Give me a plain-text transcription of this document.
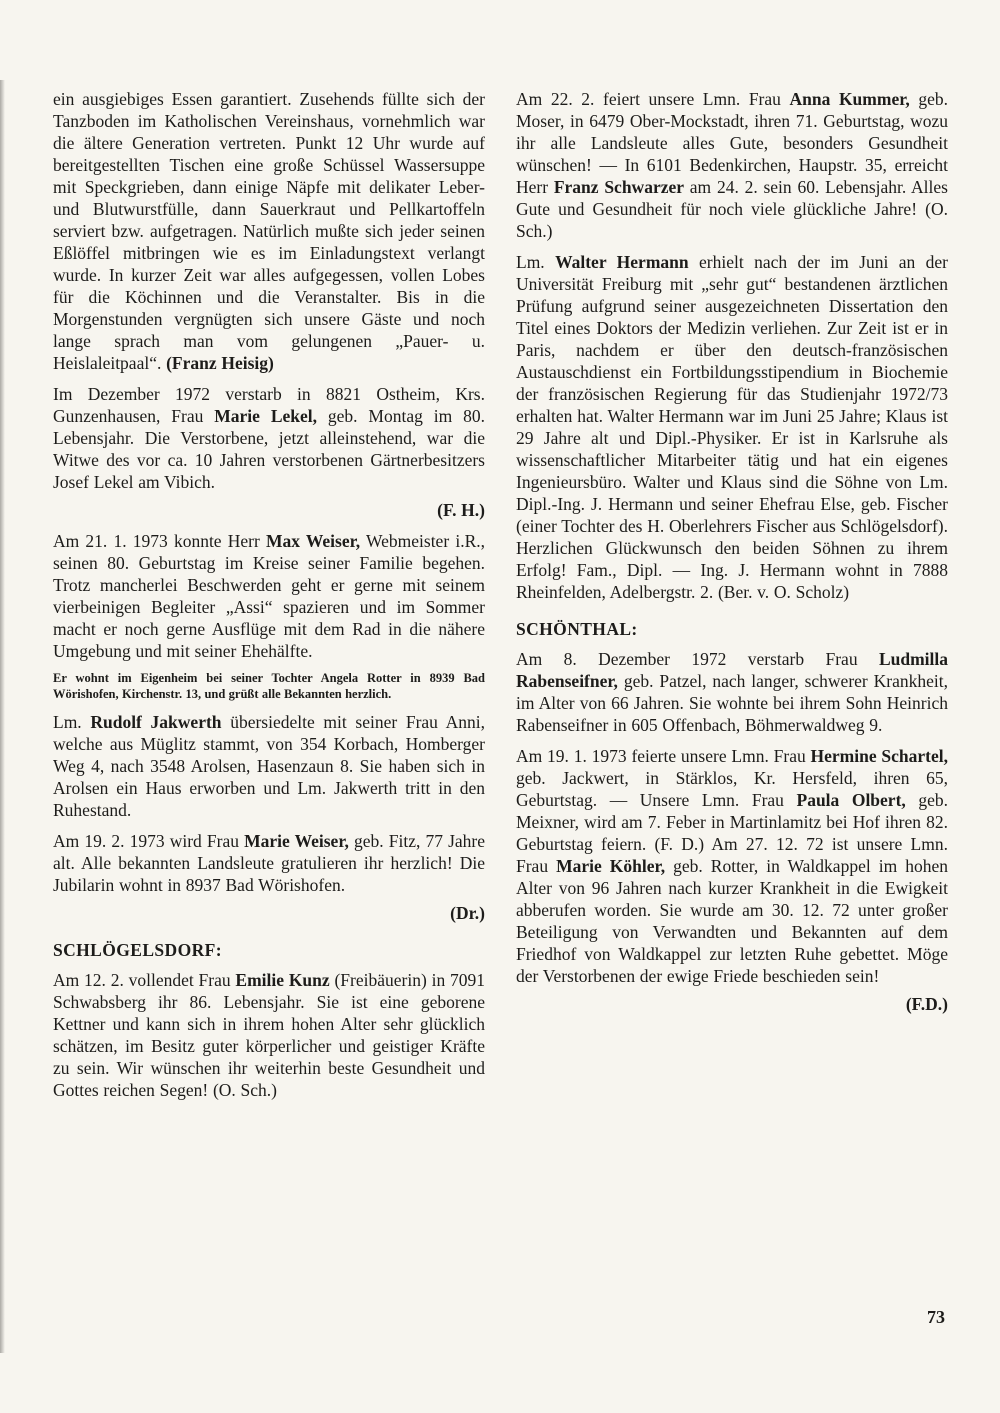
ein ausgiebiges Essen garantiert. Zusehends füllte sich der Tanzboden im Katholischen Vereinshaus, vornehmlich war die ältere Generation vertreten. Punkt 12 Uhr wurde auf bereitgestellten Tischen eine große Schüssel Wassersuppe mit Speckgrieben, dann einige Näpfe mit delikater Leber- und Blutwurstfülle, dann Sauerkraut und Pellkartoffeln serviert bzw. aufgetragen. Natürlich mußte sich jeder seinen Eßlöffel mitbringen wie es im Einladungstext verlangt wurde. In kurzer Zeit war alles aufgegessen, vollen Lobes für die Köchinnen und die Veranstalter. Bis in die Morgenstunden vergnügten sich unsere Gäste und noch lange sprach man vom gelungenen „Pauer- u. Heislaleitpaal“. (Franz Heisig)

Im Dezember 1972 verstarb in 8821 Ostheim, Krs. Gunzenhausen, Frau Marie Lekel, geb. Montag im 80. Lebensjahr. Die Verstorbene, jetzt alleinstehend, war die Witwe des vor ca. 10 Jahren verstorbenen Gärtnerbesitzers Josef Lekel am Vibich.

(F. H.)

Am 21. 1. 1973 konnte Herr Max Weiser, Webmeister i.R., seinen 80. Geburtstag im Kreise seiner Familie begehen. Trotz mancherlei Beschwerden geht er gerne mit seinem vierbeinigen Begleiter „Assi“ spazieren und im Sommer macht er noch gerne Ausflüge mit dem Rad in die nähere Umgebung und mit seiner Ehehälfte.

Er wohnt im Eigenheim bei seiner Tochter Angela Rotter in 8939 Bad Wörishofen, Kirchenstr. 13, und grüßt alle Bekannten herzlich.

Lm. Rudolf Jakwerth übersiedelte mit seiner Frau Anni, welche aus Müglitz stammt, von 354 Korbach, Homberger Weg 4, nach 3548 Arolsen, Hasenzaun 8. Sie haben sich in Arolsen ein Haus erworben und Lm. Jakwerth tritt in den Ruhestand.

Am 19. 2. 1973 wird Frau Marie Weiser, geb. Fitz, 77 Jahre alt. Alle bekannten Landsleute gratulieren ihr herzlich! Die Jubilarin wohnt in 8937 Bad Wörishofen.

(Dr.)

SCHLÖGELSDORF:

Am 12. 2. vollendet Frau Emilie Kunz (Freibäuerin) in 7091 Schwabsberg ihr 86. Lebensjahr. Sie ist eine geborene Kettner und kann sich in ihrem hohen Alter sehr glücklich schätzen, im Besitz guter körperlicher und geistiger Kräfte zu sein. Wir wünschen ihr weiterhin beste Gesundheit und Gottes reichen Segen! (O. Sch.)

Am 22. 2. feiert unsere Lmn. Frau Anna Kummer, geb. Moser, in 6479 Ober-Mockstadt, ihren 71. Geburtstag, wozu ihr alle Landsleute alles Gute, besonders Gesundheit wünschen! — In 6101 Bedenkirchen, Haupstr. 35, erreicht Herr Franz Schwarzer am 24. 2. sein 60. Lebensjahr. Alles Gute und Gesundheit für noch viele glückliche Jahre! (O. Sch.)

Lm. Walter Hermann erhielt nach der im Juni an der Universität Freiburg mit „sehr gut“ bestandenen ärztlichen Prüfung aufgrund seiner ausgezeichneten Dissertation den Titel eines Doktors der Medizin verliehen. Zur Zeit ist er in Paris, nachdem er über den deutsch-französischen Austauschdienst ein Fortbildungsstipendium in Biochemie der französischen Regierung für das Studienjahr 1972/73 erhalten hat. Walter Hermann war im Juni 25 Jahre; Klaus ist 29 Jahre alt und Dipl.-Physiker. Er ist in Karlsruhe als wissenschaftlicher Mitarbeiter tätig und hat ein eigenes Ingenieursbüro. Walter und Klaus sind die Söhne von Lm. Dipl.-Ing. J. Hermann und seiner Ehefrau Else, geb. Fischer (einer Tochter des H. Oberlehrers Fischer aus Schlögelsdorf). Herzlichen Glückwunsch den beiden Söhnen zu ihrem Erfolg! Fam., Dipl. — Ing. J. Hermann wohnt in 7888 Rheinfelden, Adelbergstr. 2. (Ber. v. O. Scholz)

SCHÖNTHAL:

Am 8. Dezember 1972 verstarb Frau Ludmilla Rabenseifner, geb. Patzel, nach langer, schwerer Krankheit, im Alter von 66 Jahren. Sie wohnte bei ihrem Sohn Heinrich Rabenseifner in 605 Offenbach, Böhmerwaldweg 9.

Am 19. 1. 1973 feierte unsere Lmn. Frau Hermine Schartel, geb. Jackwert, in Stärklos, Kr. Hersfeld, ihren 65, Geburtstag. — Unsere Lmn. Frau Paula Olbert, geb. Meixner, wird am 7. Feber in Martinlamitz bei Hof ihren 82. Geburtstag feiern. (F. D.) Am 27. 12. 72 ist unsere Lmn. Frau Marie Köhler, geb. Rotter, in Waldkappel im hohen Alter von 96 Jahren nach kurzer Krankheit in die Ewigkeit abberufen worden. Sie wurde am 30. 12. 72 unter großer Beteiligung von Verwandten und Bekannten auf dem Friedhof von Waldkappel zur letzten Ruhe gebettet. Möge der Verstorbenen der ewige Friede beschieden sein!

(F.D.)

73
